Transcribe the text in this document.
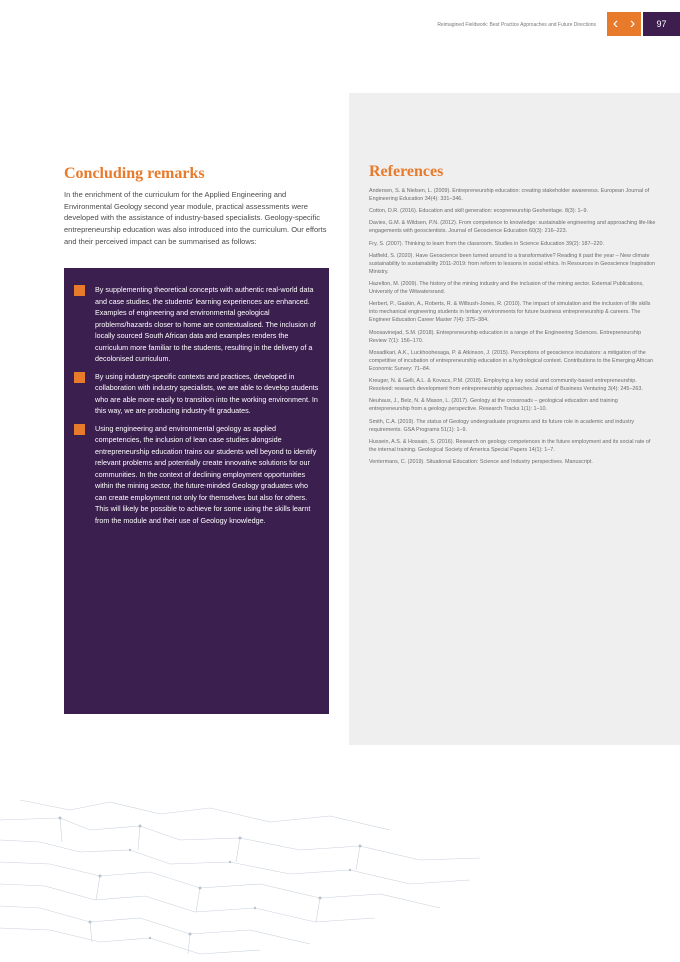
Reimagined Fieldwork: Best Practice Approaches and Future Directions ‹ ›	97
Concluding remarks

In the enrichment of the curriculum for the Applied Engineering and Environmental Geology second year module, practical assessments were developed with the assistance of industry-based specialists. Geology-specific entrepreneurship education was also introduced into the curriculum. Our efforts and their perceived impact can be summarised as follows:

By supplementing theoretical concepts with authentic real-world data and case studies, the students' learning experiences are enhanced. Examples of engineering and environmental geological problems/hazards closer to home are contextualised. The inclusion of locally sourced South African data and examples renders the curriculum more familiar to the students, resulting in the delivery of a decolonised curriculum.
By using industry-specific contexts and practices, developed in collaboration with industry specialists, we are able to develop students who are able more easily to transition into the working environment. In this way, we are producing industry-fit graduates.
Using engineering and environmental geology as applied competencies, the inclusion of lean case studies alongside entrepreneurship education trains our students well beyond to identify relevant problems and potentially create innovative solutions for our communities. In the context of declining employment opportunities within the mining sector, the future-minded Geology graduates who can create employment not only for themselves but also for others. This will likely be possible to achieve for some using the skills learnt from the module and their use of Geology knowledge.
References
Andersen, S. & Nielsen, L. (2009). Entrepreneurship education: creating stakeholder awareness. European Journal of Engineering Education 34(4): 331–346.
Cotton, D.R. (2016). Education and skill generation: ecopreneurship Geoheritage. 8(3): 1–9.
Davies, G.M. & Wildsen, P.N. (2012). From competence to knowledge: sustainable engineering and approaching life-like engagements with geoscientists. Journal of Geoscience Education 60(3): 216–223.
Fry, S. (2007). Thinking to learn from the classroom. Studies in Science Education 39(2): 187–220.
Hatfield, S. (2020). Have Geoscience been turned around to a transformative? Reading it past the year – New climate sustainability to sustainability 2011-2019: from reform to lessons in social ethics. In Resources in Geoscience Inspiration Ministry.
Hazelton, M. (2009). The history of the mining industry and the inclusion of the mining sector. External Publications, University of the Witwatersrand.
Herbert, P., Gaskin, A., Roberts, R. & Wilbush-Jones, R. (2010). The impact of simulation and the inclusion of life skills into mechanical engineering students in tertiary environments for future business entrepreneurship & careers. The Engineer Education Career Master 7(4): 375–384.
Moosavinejad, S.M. (2018). Entrepreneurship education in a range of the Engineering Sciences. Entrepreneurship Review 7(1): 156–170.
Mosadikari, A.K., Luckhoohesaga, P. & Atkinson, J. (2015). Perceptions of geoscience incubators: a mitigation of the competitive of incubation of entrepreneurship education in a hydrological context. Contributions to the Emerging African Economic Survey: 71–84.
Kreuger, N. & Gelli, A.L. & Kovacs, P.M. (2018). Employing a key social and community-based entrepreneurship. Resolved: research development from entrepreneurship approaches. Journal of Business Venturing 3(4): 245–263.
Neuhaus, J., Belz, N. & Mason, L. (2017). Geology at the crossroads – geological education and training entrepreneurship from a geology perspective. Research Tracks 1(1): 1–10.
Smith, C.A. (2019). The status of Geology undergraduate programs and its future role in academic and industry requirements. GSA Programs 51(1): 1–9.
Hussein, A.S. & Hossain, S. (2016). Research on geology competences in the future employment and its social rate of the internal training. Geological Society of America Special Papers 14(1): 1–7.
Ventermans, C. (2019). Situational Education: Science and Industry perspectives. Manuscript.
